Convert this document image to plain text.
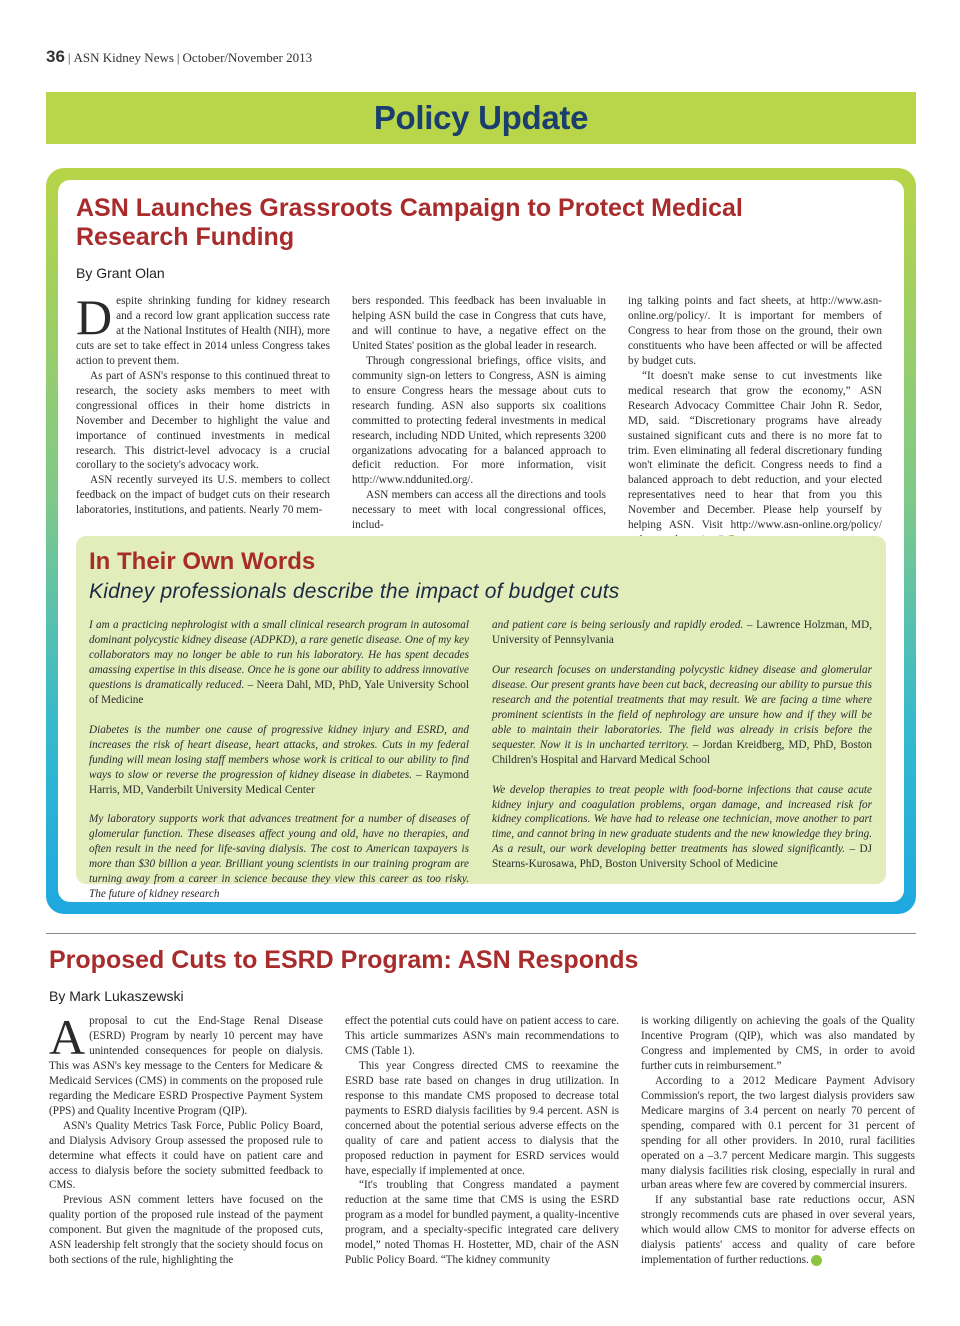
36 | ASN Kidney News | October/November 2013
Policy Update
ASN Launches Grassroots Campaign to Protect Medical Research Funding
By Grant Olan

Despite shrinking funding for kidney research and a record low grant application success rate at the National Institutes of Health (NIH), more cuts are set to take effect in 2014 unless Congress takes action to prevent them.

As part of ASN's response to this continued threat to research, the society asks members to meet with congressional offices in their home districts in November and December to highlight the value and importance of continued investments in medical research. This district-level advocacy is a crucial corollary to the society's advocacy work.

ASN recently surveyed its U.S. members to collect feedback on the impact of budget cuts on their research laboratories, institutions, and patients. Nearly 70 mem-

bers responded. This feedback has been invaluable in helping ASN build the case in Congress that cuts have, and will continue to have, a negative effect on the United States' position as the global leader in research.

Through congressional briefings, office visits, and community sign-on letters to Congress, ASN is aiming to ensure Congress hears the message about cuts to research funding. ASN also supports six coalitions committed to protecting federal investments in medical research, including NDD United, which represents 3200 organizations advocating for a balanced approach to deficit reduction. For more information, visit http://www.nddunited.org/.

ASN members can access all the directions and tools necessary to meet with local congressional offices, includ-

ing talking points and fact sheets, at http://www.asn-online.org/policy/. It is important for members of Congress to hear from those on the ground, their own constituents who have been affected or will be affected by budget cuts.

“It doesn't make sense to cut investments like medical research that grow the economy,” ASN Research Advocacy Committee Chair John R. Sedor, MD, said. “Discretionary programs have already sustained significant cuts and there is no more fat to trim. Even eliminating all federal discretionary funding won't eliminate the deficit. Congress needs to find a balanced approach to debt reduction, and your elected representatives need to hear that from you this November and December. Please help yourself by helping ASN. Visit http://www.asn-online.org/policy/

In Their Own Words
Kidney professionals describe the impact of budget cuts

I am a practicing nephrologist with a small clinical research program in autosomal dominant polycystic kidney disease (ADPKD), a rare genetic disease. One of my key collaborators may no longer be able to run his laboratory. He has spent decades amassing expertise in this disease. Once he is gone our ability to address innovative questions is dramatically reduced. – Neera Dahl, MD, PhD, Yale University School of Medicine

Diabetes is the number one cause of progressive kidney injury and ESRD, and increases the risk of heart disease, heart attacks, and strokes. Cuts in my federal funding will mean losing staff members whose work is critical to our ability to find ways to slow or reverse the progression of kidney disease in diabetes. – Raymond Harris, MD, Vanderbilt University Medical Center

My laboratory supports work that advances treatment for a number of diseases of glomerular function. These diseases affect young and old, have no therapies, and often result in the need for life-saving dialysis. The cost to American taxpayers is more than $30 billion a year. Brilliant young scientists in our training program are turning away from a career in science because they view this career as too risky. The future of kidney research

and patient care is being seriously and rapidly eroded. – Lawrence Holzman, MD, University of Pennsylvania

Our research focuses on understanding polycystic kidney disease and glomerular disease. Our present grants have been cut back, decreasing our ability to pursue this research and the potential treatments that may result. We are facing a time where prominent scientists in the field of nephrology are unsure how and if they will be able to maintain their laboratories. The field was already in crisis before the sequester. Now it is in uncharted territory. – Jordan Kreidberg, MD, PhD, Boston Children's Hospital and Harvard Medical School

We develop therapies to treat people with food-borne infections that cause acute kidney injury and coagulation problems, organ damage, and increased risk for kidney complications. We have had to release one technician, move another to part time, and cannot bring in new graduate students and the new knowledge they bring. As a result, our work developing better treatments has slowed significantly. – DJ Stearns-Kurosawa, PhD, Boston University School of Medicine

Proposed Cuts to ESRD Program: ASN Responds
By Mark Lukaszewski

Aproposal to cut the End-Stage Renal Disease (ESRD) Program by nearly 10 percent may have unintended consequences for people on dialysis. This was ASN's key message to the Centers for Medicare & Medicaid Services (CMS) in comments on the proposed rule regarding the Medicare ESRD Prospective Payment System (PPS) and Quality Incentive Program (QIP).

ASN's Quality Metrics Task Force, Public Policy Board, and Dialysis Advisory Group assessed the proposed rule to determine what effects it could have on patient care and access to dialysis before the society submitted feedback to CMS.

Previous ASN comment letters have focused on the quality portion of the proposed rule instead of the payment component. But given the magnitude of the proposed cuts, ASN leadership felt strongly that the society should focus on both sections of the rule, highlighting the

effect the potential cuts could have on patient access to care. This article summarizes ASN's main recommendations to CMS (Table 1).

This year Congress directed CMS to reexamine the ESRD base rate based on changes in drug utilization. In response to this mandate CMS proposed to decrease total payments to ESRD dialysis facilities by 9.4 percent. ASN is concerned about the potential serious adverse effects on the quality of care and patient access to dialysis that the proposed reduction in payment for ESRD services would have, especially if implemented at once.

“It's troubling that Congress mandated a payment reduction at the same time that CMS is using the ESRD program as a model for bundled payment, a quality-incentive program, and a specialty-specific integrated care delivery model,” noted Thomas H. Hostetter, MD, chair of the ASN Public Policy Board. “The kidney community

is working diligently on achieving the goals of the Quality Incentive Program (QIP), which was also mandated by Congress and implemented by CMS, in order to avoid further cuts in reimbursement.”

According to a 2012 Medicare Payment Advisory Commission's report, the two largest dialysis providers saw Medicare margins of 3.4 percent on nearly 70 percent of spending, compared with 0.1 percent for 31 percent of spending for all other providers. In 2010, rural facilities operated on a –3.7 percent Medicare margin. This suggests many dialysis facilities risk closing, especially in rural and urban areas where few are covered by commercial insurers.

If any substantial base rate reductions occur, ASN strongly recommends cuts are phased in over several years, which would allow CMS to monitor for adverse effects on dialysis patients' access and quality of care before implementation of further reductions.
